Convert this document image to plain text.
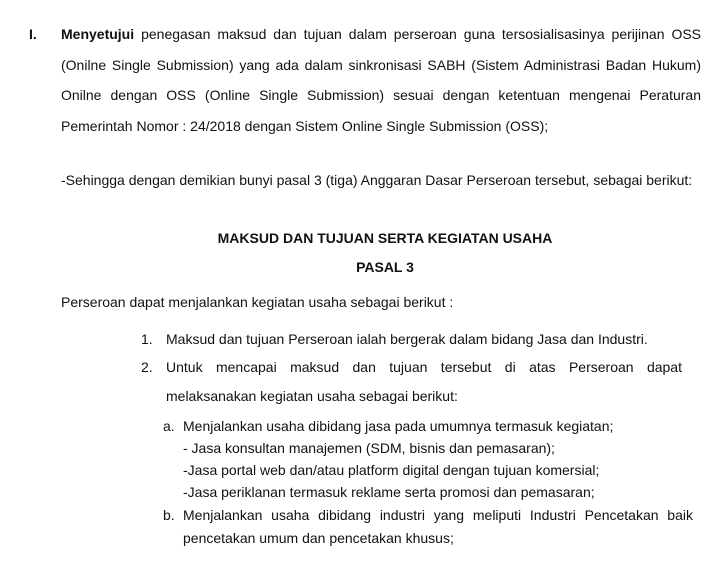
I. Menyetujui penegasan maksud dan tujuan dalam perseroan guna tersosialisasinya perijinan OSS
(Onilne Single Submission) yang ada dalam sinkronisasi SABH (Sistem Administrasi Badan Hukum)
Onilne dengan OSS (Online Single Submission) sesuai dengan ketentuan mengenai Peraturan
Pemerintah Nomor : 24/2018 dengan Sistem Online Single Submission (OSS);
-Sehingga dengan demikian bunyi pasal 3 (tiga) Anggaran Dasar Perseroan tersebut, sebagai berikut:
MAKSUD DAN TUJUAN SERTA KEGIATAN USAHA
PASAL 3
Perseroan dapat menjalankan kegiatan usaha sebagai berikut :
1. Maksud dan tujuan Perseroan ialah bergerak dalam bidang Jasa dan Industri.
2. Untuk mencapai maksud dan tujuan tersebut di atas Perseroan dapat
melaksanakan kegiatan usaha sebagai berikut:
a. Menjalankan usaha dibidang jasa pada umumnya termasuk kegiatan;
- Jasa konsultan manajemen (SDM, bisnis dan pemasaran);
-Jasa portal web dan/atau platform digital dengan tujuan komersial;
-Jasa periklanan termasuk reklame serta promosi dan pemasaran;
b. Menjalankan usaha dibidang industri yang meliputi Industri Pencetakan baik
pencetakan umum dan pencetakan khusus;
